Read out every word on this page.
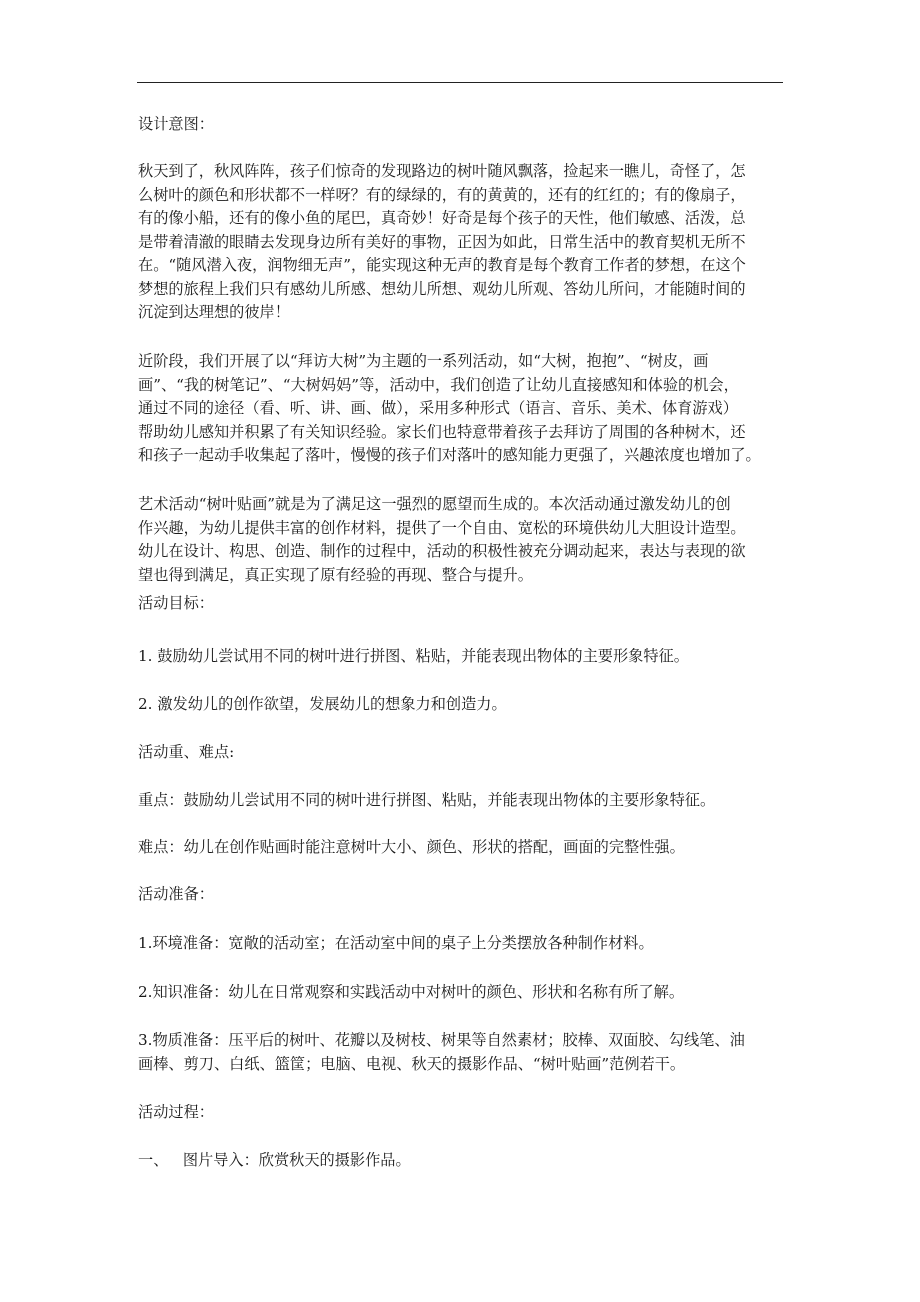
设计意图：

秋天到了，秋风阵阵，孩子们惊奇的发现路边的树叶随风飘落，捡起来一瞧儿，奇怪了，怎
么树叶的颜色和形状都不一样呀？有的绿绿的，有的黄黄的，还有的红红的；有的像扇子，
有的像小船，还有的像小鱼的尾巴，真奇妙！好奇是每个孩子的天性，他们敏感、活泼，总
是带着清澈的眼睛去发现身边所有美好的事物，正因为如此，日常生活中的教育契机无所不
在。“随风潜入夜，润物细无声”，能实现这种无声的教育是每个教育工作者的梦想，在这个
梦想的旅程上我们只有感幼儿所感、想幼儿所想、观幼儿所观、答幼儿所问，才能随时间的
沉淀到达理想的彼岸！
近阶段，我们开展了以“拜访大树”为主题的一系列活动，如“大树，抱抱”、“树皮，画
画”、“我的树笔记”、“大树妈妈”等，活动中，我们创造了让幼儿直接感知和体验的机会，
通过不同的途径（看、听、讲、画、做），采用多种形式（语言、音乐、美术、体育游戏）
帮助幼儿感知并积累了有关知识经验。家长们也特意带着孩子去拜访了周围的各种树木，还
和孩子一起动手收集起了落叶，慢慢的孩子们对落叶的感知能力更强了，兴趣浓度也增加了。
艺术活动“树叶贴画”就是为了满足这一强烈的愿望而生成的。本次活动通过激发幼儿的创
作兴趣，为幼儿提供丰富的创作材料，提供了一个自由、宽松的环境供幼儿大胆设计造型。
幼儿在设计、构思、创造、制作的过程中，活动的积极性被充分调动起来，表达与表现的欲
望也得到满足，真正实现了原有经验的再现、整合与提升。

活动目标：

1. 鼓励幼儿尝试用不同的树叶进行拼图、粘贴，并能表现出物体的主要形象特征。

2. 激发幼儿的创作欲望，发展幼儿的想象力和创造力。

活动重、难点:

重点：鼓励幼儿尝试用不同的树叶进行拼图、粘贴，并能表现出物体的主要形象特征。

难点：幼儿在创作贴画时能注意树叶大小、颜色、形状的搭配，画面的完整性强。

活动准备：

1.环境准备：宽敞的活动室；在活动室中间的桌子上分类摆放各种制作材料。

2.知识准备：幼儿在日常观察和实践活动中对树叶的颜色、形状和名称有所了解。

3.物质准备：压平后的树叶、花瓣以及树枝、树果等自然素材；胶棒、双面胶、勾线笔、油
画棒、剪刀、白纸、篮筐；电脑、电视、秋天的摄影作品、“树叶贴画”范例若干。

活动过程：

一、   图片导入：欣赏秋天的摄影作品。
